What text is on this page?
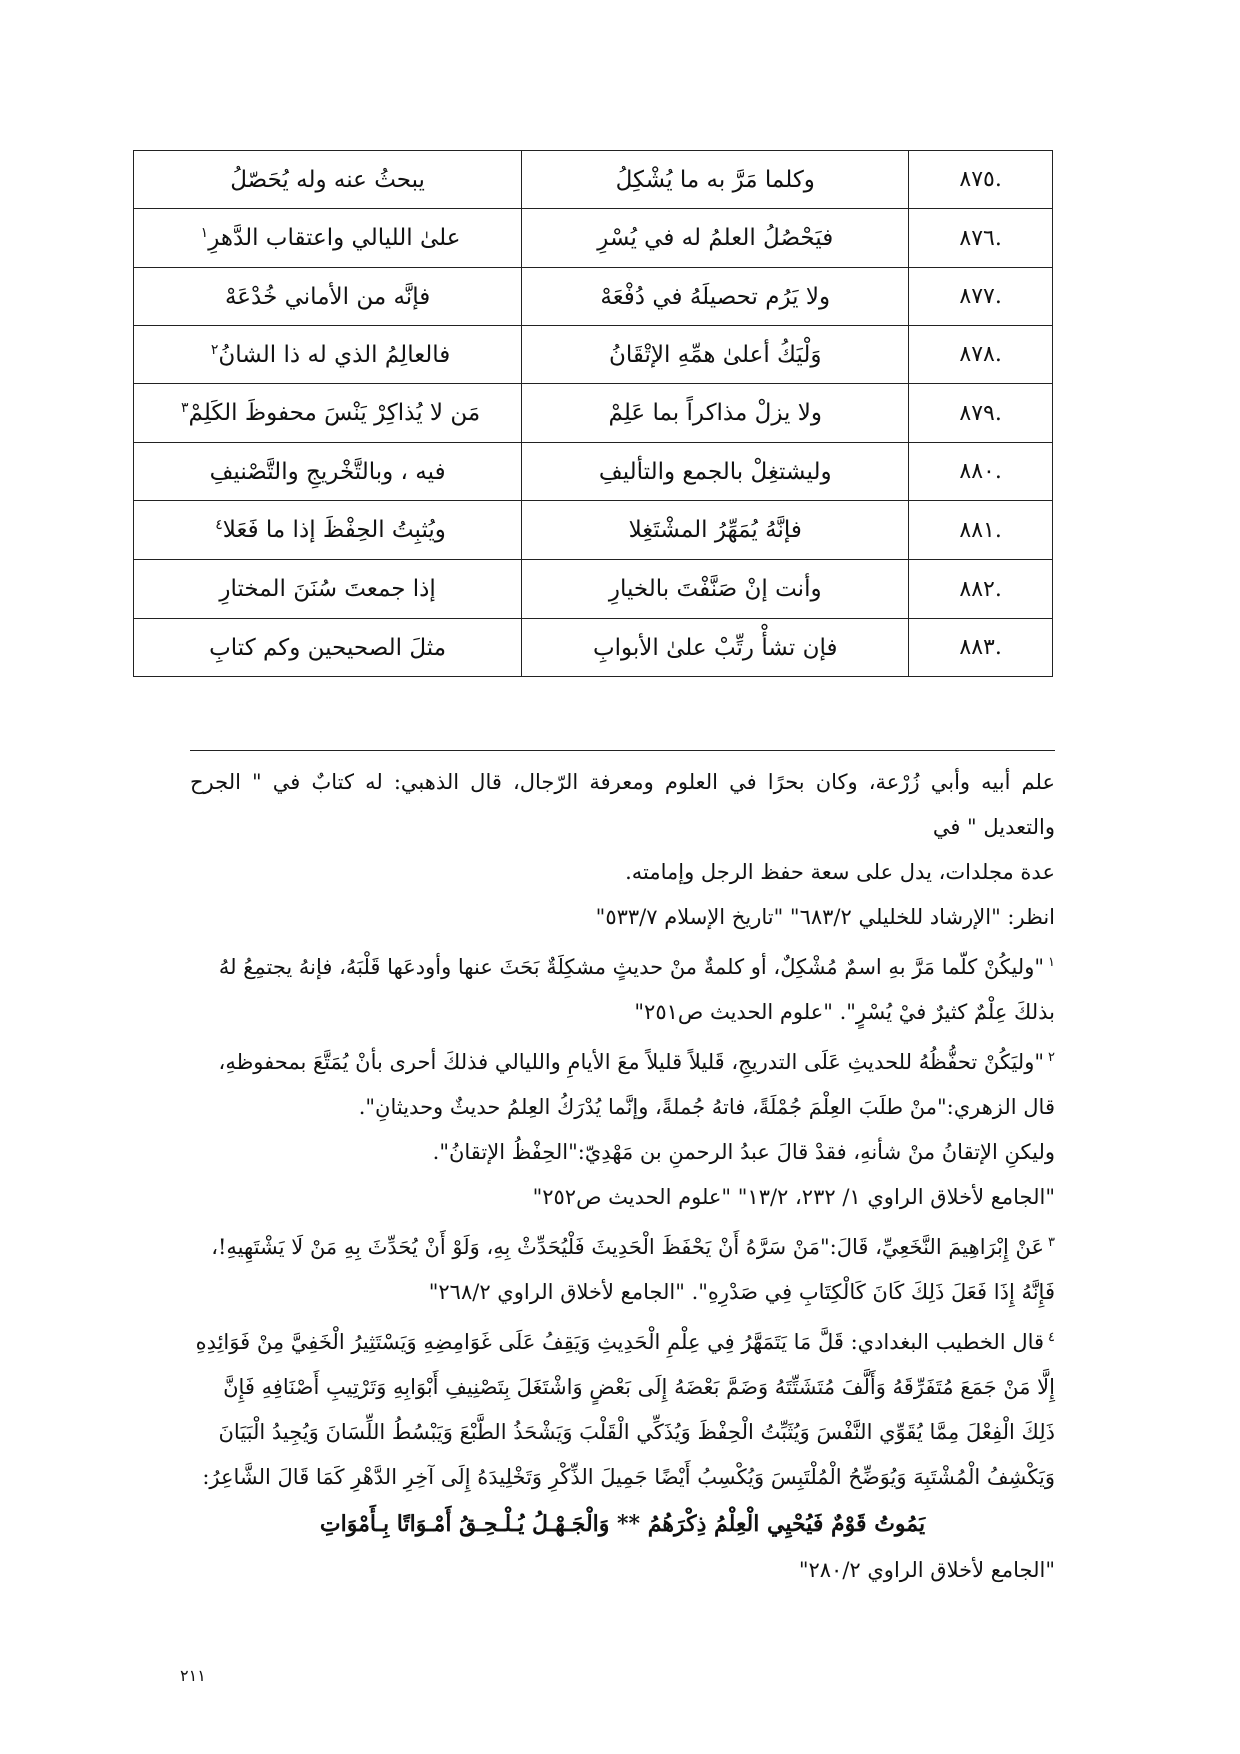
.٨٧٥	وكلما مَرَّ به ما يُشْكِلُ	يبحثُ عنه وله يُحَصّلُ
.٨٧٦	فيَحْصُلُ العلمُ له في يُسْرِ	علىٰ الليالي واعتقاب الدَّهرِ$^١$
.٨٧٧	ولا يَرُم تحصيلَهُ في دُفْعَهْ	فإنَّه من الأماني خُدْعَهْ
.٨٧٨	وَلْيَكُ أعلىٰ همِّهِ الإتْقَانُ	فالعالِمُ الذي له ذا الشانُ$^٢$
.٨٧٩	ولا يزلْ مذاكراً بما عَلِمْ	مَن لا يُذاكِرْ يَنْسَ محفوظَ الكَلِمْ$^٣$
.٨٨٠	وليشتغِلْ بالجمع والتأليفِ	فيه ، وبالتَّخْريجِ والتَّصْنيفِ
.٨٨١	فإنَّهُ يُمَهِّرُ المشْتَغِلا	ويُثبِتُ الحِفْظَ إذا ما فَعَلا$^٤$
.٨٨٢	وأنت إنْ صَنَّفْتَ بالخيارِ	إذا جمعتَ سُنَنَ المختارِ
.٨٨٣	فإن تشأْ رتِّبْ علىٰ الأبوابِ	مثلَ الصحيحين وكم كتابِ

علم أبيه وأبي زُرْعة، وكان بحرًا في العلوم ومعرفة الرّجال، قال الذهبي: له كتابٌ في " الجرح والتعديل " في

عدة مجلدات، يدل على سعة حفظ الرجل وإمامته.

انظر: "الإرشاد للخليلي ٦٨٣/٢" "تاريخ الإسلام ٥٣٣/٧"

$^١$"وليكُنْ كلّما مَرَّ بهِ اسمٌ مُشْكِلٌ، أو كلمةٌ منْ حديثٍ مشكِلَةٌ بَحَثَ عنها وأودعَها قَلْبَهُ، فإنهُ يجتمِعُ لهُ

بذلكَ عِلْمٌ كثيرٌ فيْ يُسْرٍ". "علوم الحديث ص٢٥١"

$^٢$"وليَكُنْ تحفُّظُهُ للحديثِ عَلَى التدريجِ، قَليلاً قليلاً معَ الأيامِ والليالي فذلكَ أحرى بأنْ يُمَتَّعَ بمحفوظهِ،

قال الزهري:"منْ طلَبَ العِلْمَ جُمْلَةً، فاتهُ جُملةً، وإنَّما يُدْرَكُ العِلمُ حديثٌ وحديثانِ".

وليكنِ الإتقانُ منْ شأنهِ، فقدْ قالَ عبدُ الرحمنِ بن مَهْدِيّ:"الحِفْظُ الإتقانُ".

"الجامع لأخلاق الراوي ١/ ٢٣٢، ١٣/٢" "علوم الحديث ص٢٥٢"

$^٣$عَنْ إِبْرَاهِيمَ النَّخَعِيِّ، قَالَ:"مَنْ سَرَّهُ أَنْ يَحْفَظَ الْحَدِيثَ فَلْيُحَدِّثْ بِهِ، وَلَوْ أَنْ يُحَدِّثَ بِهِ مَنْ لَا يَشْتَهِيهِ!،

فَإِنَّهُ إِذَا فَعَلَ ذَلِكَ كَانَ كَالْكِتَابِ فِي صَدْرِهِ". "الجامع لأخلاق الراوي ٢٦٨/٢"

$^٤$قال الخطيب البغدادي: قَلَّ مَا يَتَمَهَّرُ فِي عِلْمِ الْحَدِيثِ وَيَقِفُ عَلَى غَوَامِضِهِ وَيَسْتَثِيرُ الْخَفِيَّ مِنْ فَوَائِدِهِ

إِلَّا مَنْ جَمَعَ مُتَفَرِّقَهُ وَأَلَّفَ مُتَشَتِّتَهُ وَضَمَّ بَعْضَهُ إِلَى بَعْضٍ وَاشْتَغَلَ بِتَصْنِيفِ أَبْوَابِهِ وَتَرْتِيبِ أَصْنَافِهِ فَإِنَّ

ذَلِكَ الْفِعْلَ مِمَّا يُقَوِّي النَّفْسَ وَيُثَبِّتُ الْحِفْظَ وَيُذَكِّي الْقَلْبَ وَيَشْحَذُ الطَّبْعَ وَيَبْسُطُ اللِّسَانَ وَيُجِيدُ الْبَيَانَ

وَيَكْشِفُ الْمُشْتَبِهَ وَيُوَضِّحُ الْمُلْتَبِسَ وَيُكْسِبُ أَيْضًا جَمِيلَ الذِّكْرِ وَتَخْلِيدَهُ إِلَى آخِرِ الدَّهْرِ كَمَا قَالَ الشَّاعِرُ:

يَمُوتُ قَوْمٌ فَيُحْيِي الْعِلْمُ ذِكْرَهُمُ ** وَالْجَـهْـلُ يُـلْـحِـقُ أَمْـوَاتًا بِـأَمْوَاتِ

"الجامع لأخلاق الراوي ٢٨٠/٢"

٢١١
